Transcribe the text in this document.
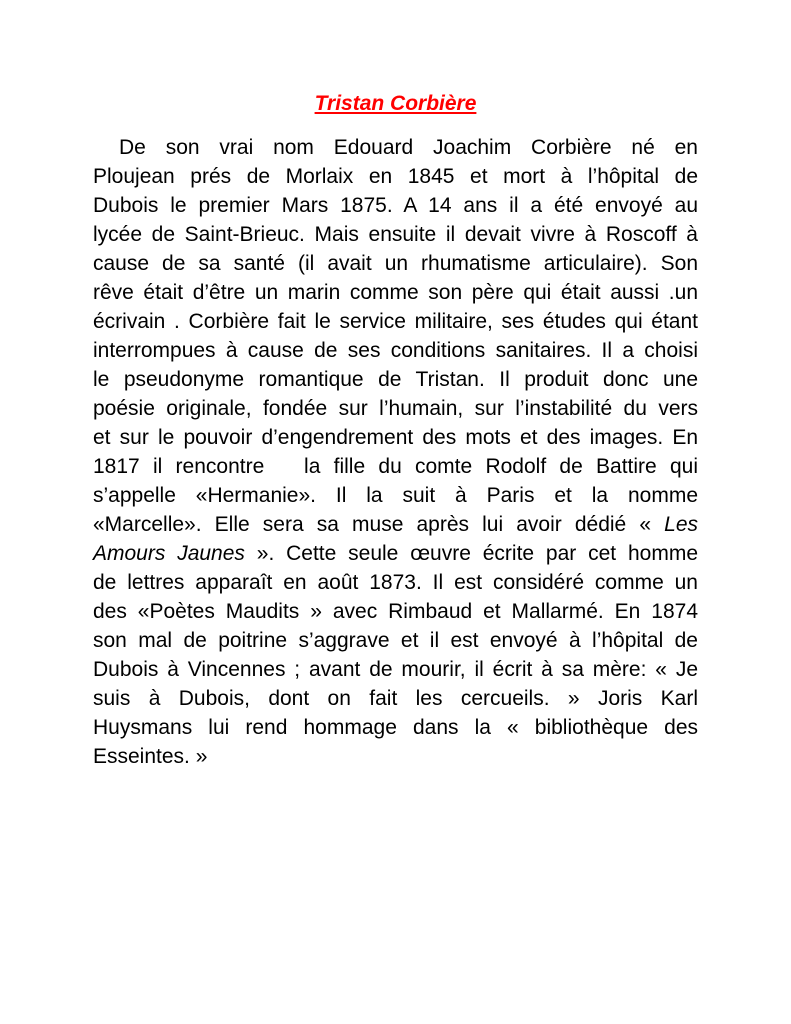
Tristan Corbière
De son vrai nom Edouard Joachim Corbière né en
Ploujean prés de Morlaix en 1845 et mort à l’hôpital de
Dubois le premier Mars 1875. A 14 ans il a été envoyé au
lycée de Saint-Brieuc. Mais ensuite il devait vivre à Roscoff à
cause de sa santé (il avait un rhumatisme articulaire). Son
rêve était d’être un marin comme son père qui était aussi .un
écrivain . Corbière fait le service militaire, ses études qui étant
interrompues à cause de ses conditions sanitaires. Il a choisi
le pseudonyme romantique de Tristan. Il produit donc une
poésie originale, fondée sur l’humain, sur l’instabilité du vers
et sur le pouvoir d’engendrement des mots et des images. En
1817 il rencontre   la fille du comte Rodolf de Battire qui
s’appelle «Hermanie». Il la suit à Paris et la nomme
«Marcelle». Elle sera sa muse après lui avoir dédié « Les
Amours Jaunes ». Cette seule œuvre écrite par cet homme
de lettres apparaît en août 1873. Il est considéré comme un
des «Poètes Maudits » avec Rimbaud et Mallarmé. En 1874
son mal de poitrine s’aggrave et il est envoyé à l’hôpital de
Dubois à Vincennes ; avant de mourir, il écrit à sa mère: « Je
suis à Dubois, dont on fait les cercueils. » Joris Karl
Huysmans lui rend hommage dans la « bibliothèque des
Esseintes. »
